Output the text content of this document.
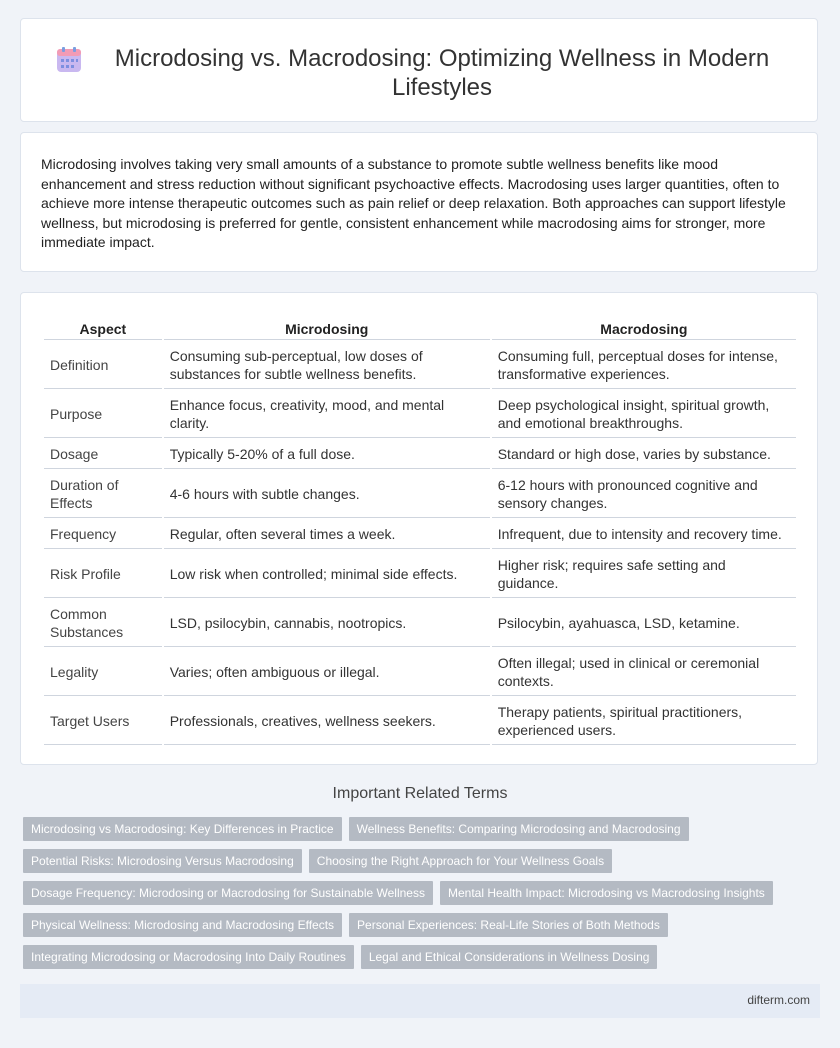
Microdosing vs. Macrodosing: Optimizing Wellness in Modern Lifestyles

Microdosing involves taking very small amounts of a substance to promote subtle wellness benefits like mood enhancement and stress reduction without significant psychoactive effects. Macrodosing uses larger quantities, often to achieve more intense therapeutic outcomes such as pain relief or deep relaxation. Both approaches can support lifestyle wellness, but microdosing is preferred for gentle, consistent enhancement while macrodosing aims for stronger, more immediate impact.

Aspect	Microdosing	Macrodosing
Definition	Consuming sub-perceptual, low doses of substances for subtle wellness benefits.	Consuming full, perceptual doses for intense, transformative experiences.
Purpose	Enhance focus, creativity, mood, and mental clarity.	Deep psychological insight, spiritual growth, and emotional breakthroughs.
Dosage	Typically 5-20% of a full dose.	Standard or high dose, varies by substance.
Duration of Effects	4-6 hours with subtle changes.	6-12 hours with pronounced cognitive and sensory changes.
Frequency	Regular, often several times a week.	Infrequent, due to intensity and recovery time.
Risk Profile	Low risk when controlled; minimal side effects.	Higher risk; requires safe setting and guidance.
Common Substances	LSD, psilocybin, cannabis, nootropics.	Psilocybin, ayahuasca, LSD, ketamine.
Legality	Varies; often ambiguous or illegal.	Often illegal; used in clinical or ceremonial contexts.
Target Users	Professionals, creatives, wellness seekers.	Therapy patients, spiritual practitioners, experienced users.
Important Related Terms
Microdosing vs Macrodosing: Key Differences in Practice	Wellness Benefits: Comparing Microdosing and Macrodosing
Potential Risks: Microdosing Versus Macrodosing	Choosing the Right Approach for Your Wellness Goals
Dosage Frequency: Microdosing or Macrodosing for Sustainable Wellness	Mental Health Impact: Microdosing vs Macrodosing Insights
Physical Wellness: Microdosing and Macrodosing Effects	Personal Experiences: Real-Life Stories of Both Methods
Integrating Microdosing or Macrodosing Into Daily Routines	Legal and Ethical Considerations in Wellness Dosing
difterm.com
